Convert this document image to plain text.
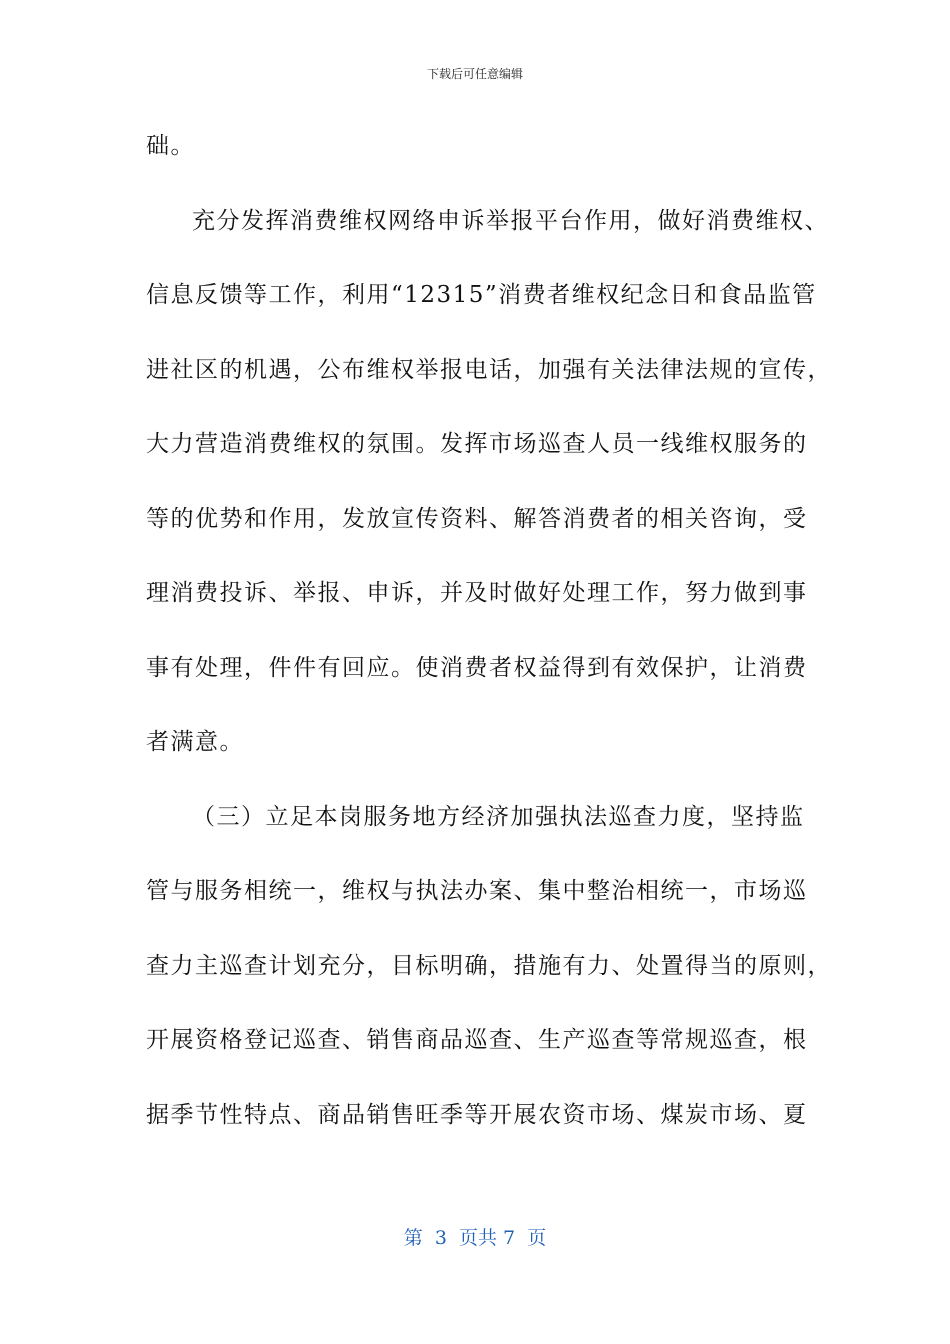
下载后可任意编辑
础。
充分发挥消费维权网络申诉举报平台作用，做好消费维权、
信息反馈等工作，利用“12315”消费者维权纪念日和食品监管
进社区的机遇，公布维权举报电话，加强有关法律法规的宣传，
大力营造消费维权的氛围。发挥市场巡查人员一线维权服务的
等的优势和作用，发放宣传资料、解答消费者的相关咨询，受
理消费投诉、举报、申诉，并及时做好处理工作，努力做到事
事有处理，件件有回应。使消费者权益得到有效保护，让消费
者满意。
（三）立足本岗服务地方经济加强执法巡查力度，坚持监
管与服务相统一，维权与执法办案、集中整治相统一，市场巡
查力主巡查计划充分，目标明确，措施有力、处置得当的原则，
开展资格登记巡查、销售商品巡查、生产巡查等常规巡查，根
据季节性特点、商品销售旺季等开展农资市场、煤炭市场、夏
第  3  页共 7  页
